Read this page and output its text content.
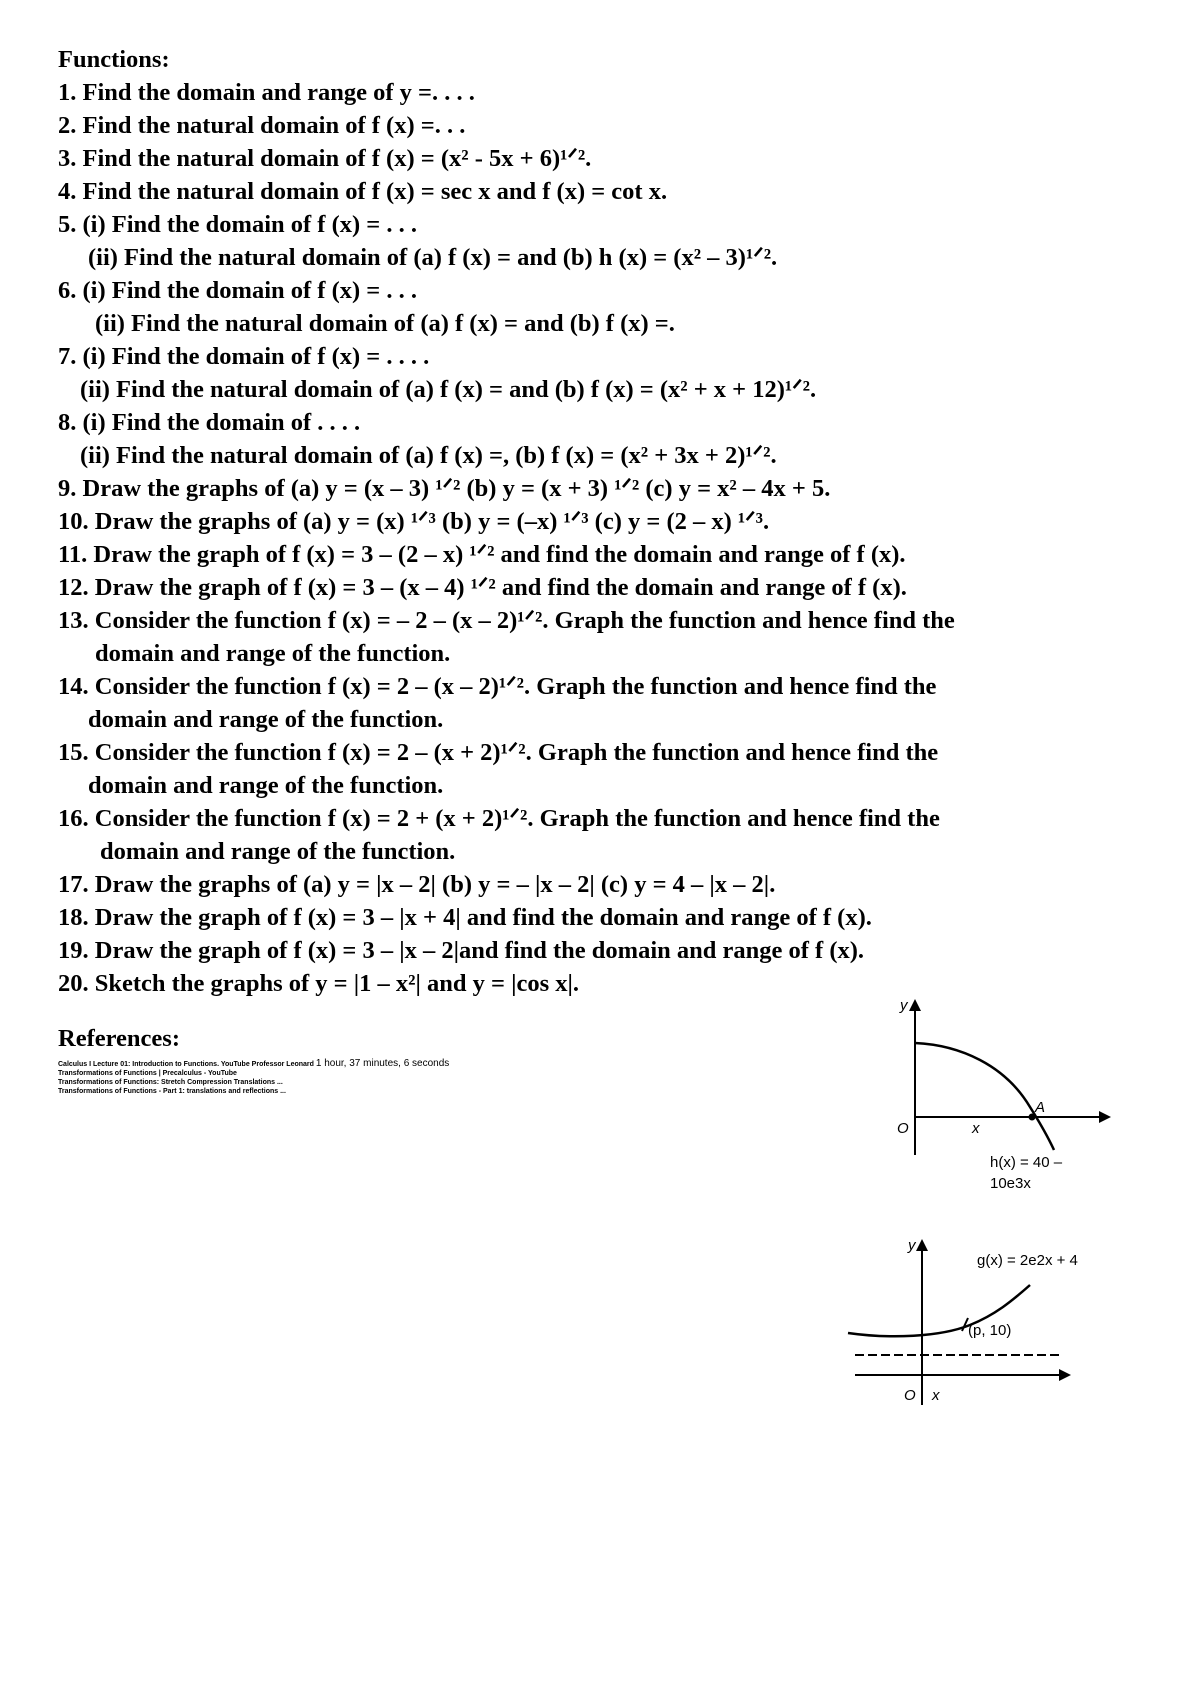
Functions:
1. Find the domain and range of y =. . . .
2. Find the natural domain of f (x) =. . .
3. Find the natural domain of f (x) = (x² - 5x + 6)¹ᐟ².
4. Find the natural domain of f (x) = sec x and f (x) = cot x.
5. (i) Find the domain of f (x) = . . .
(ii) Find the natural domain of (a) f (x) = and (b) h (x) = (x² – 3)¹ᐟ².
6. (i) Find the domain of f (x) = . . .
(ii) Find the natural domain of (a) f (x) = and (b) f (x) =.
7. (i) Find the domain of f (x) = . . . .
(ii) Find the natural domain of (a) f (x) = and (b) f (x) = (x² + x + 12)¹ᐟ².
8. (i) Find the domain of . . . .
(ii) Find the natural domain of (a) f (x) =, (b) f (x) = (x² + 3x + 2)¹ᐟ².
9. Draw the graphs of (a) y = (x – 3) ¹ᐟ² (b) y = (x + 3) ¹ᐟ² (c) y = x² – 4x + 5.
10. Draw the graphs of (a) y = (x) ¹ᐟ³ (b) y = (–x) ¹ᐟ³ (c) y = (2 – x) ¹ᐟ³.
11. Draw the graph of f (x) = 3 – (2 – x) ¹ᐟ² and find the domain and range of f (x).
12. Draw the graph of f (x) = 3 – (x – 4) ¹ᐟ² and find the domain and range of f (x).
13. Consider the function f (x) = – 2 – (x – 2)¹ᐟ². Graph the function and hence find the
domain and range of the function.
14. Consider the function f (x) = 2 – (x – 2)¹ᐟ². Graph the function and hence find the
domain and range of the function.
15. Consider the function f (x) = 2 – (x + 2)¹ᐟ². Graph the function and hence find the
domain and range of the function.
16. Consider the function f (x) = 2 + (x + 2)¹ᐟ². Graph the function and hence find the
domain and range of the function.
17. Draw the graphs of (a) y = |x – 2| (b) y = – |x – 2| (c) y = 4 – |x – 2|.
18. Draw the graph of f (x) = 3 – |x + 4| and find the domain and range of f (x).
19. Draw the graph of f (x) = 3 – |x – 2|and find the domain and range of f (x).
20. Sketch the graphs of y = |1 – x²| and y = |cos x|.
References:
Calculus I Lecture 01: Introduction to Functions. YouTube Professor Leonard 1 hour, 37 minutes, 6 seconds
Transformations of Functions | Precalculus - YouTube
Transformations of Functions: Stretch Compression Translations ...
Transformations of Functions - Part 1: translations and reflections ...
y
O	x
A
h(x) = 40 –
10e3x
y
O x
g(x) = 2e2x + 4
(p, 10)
